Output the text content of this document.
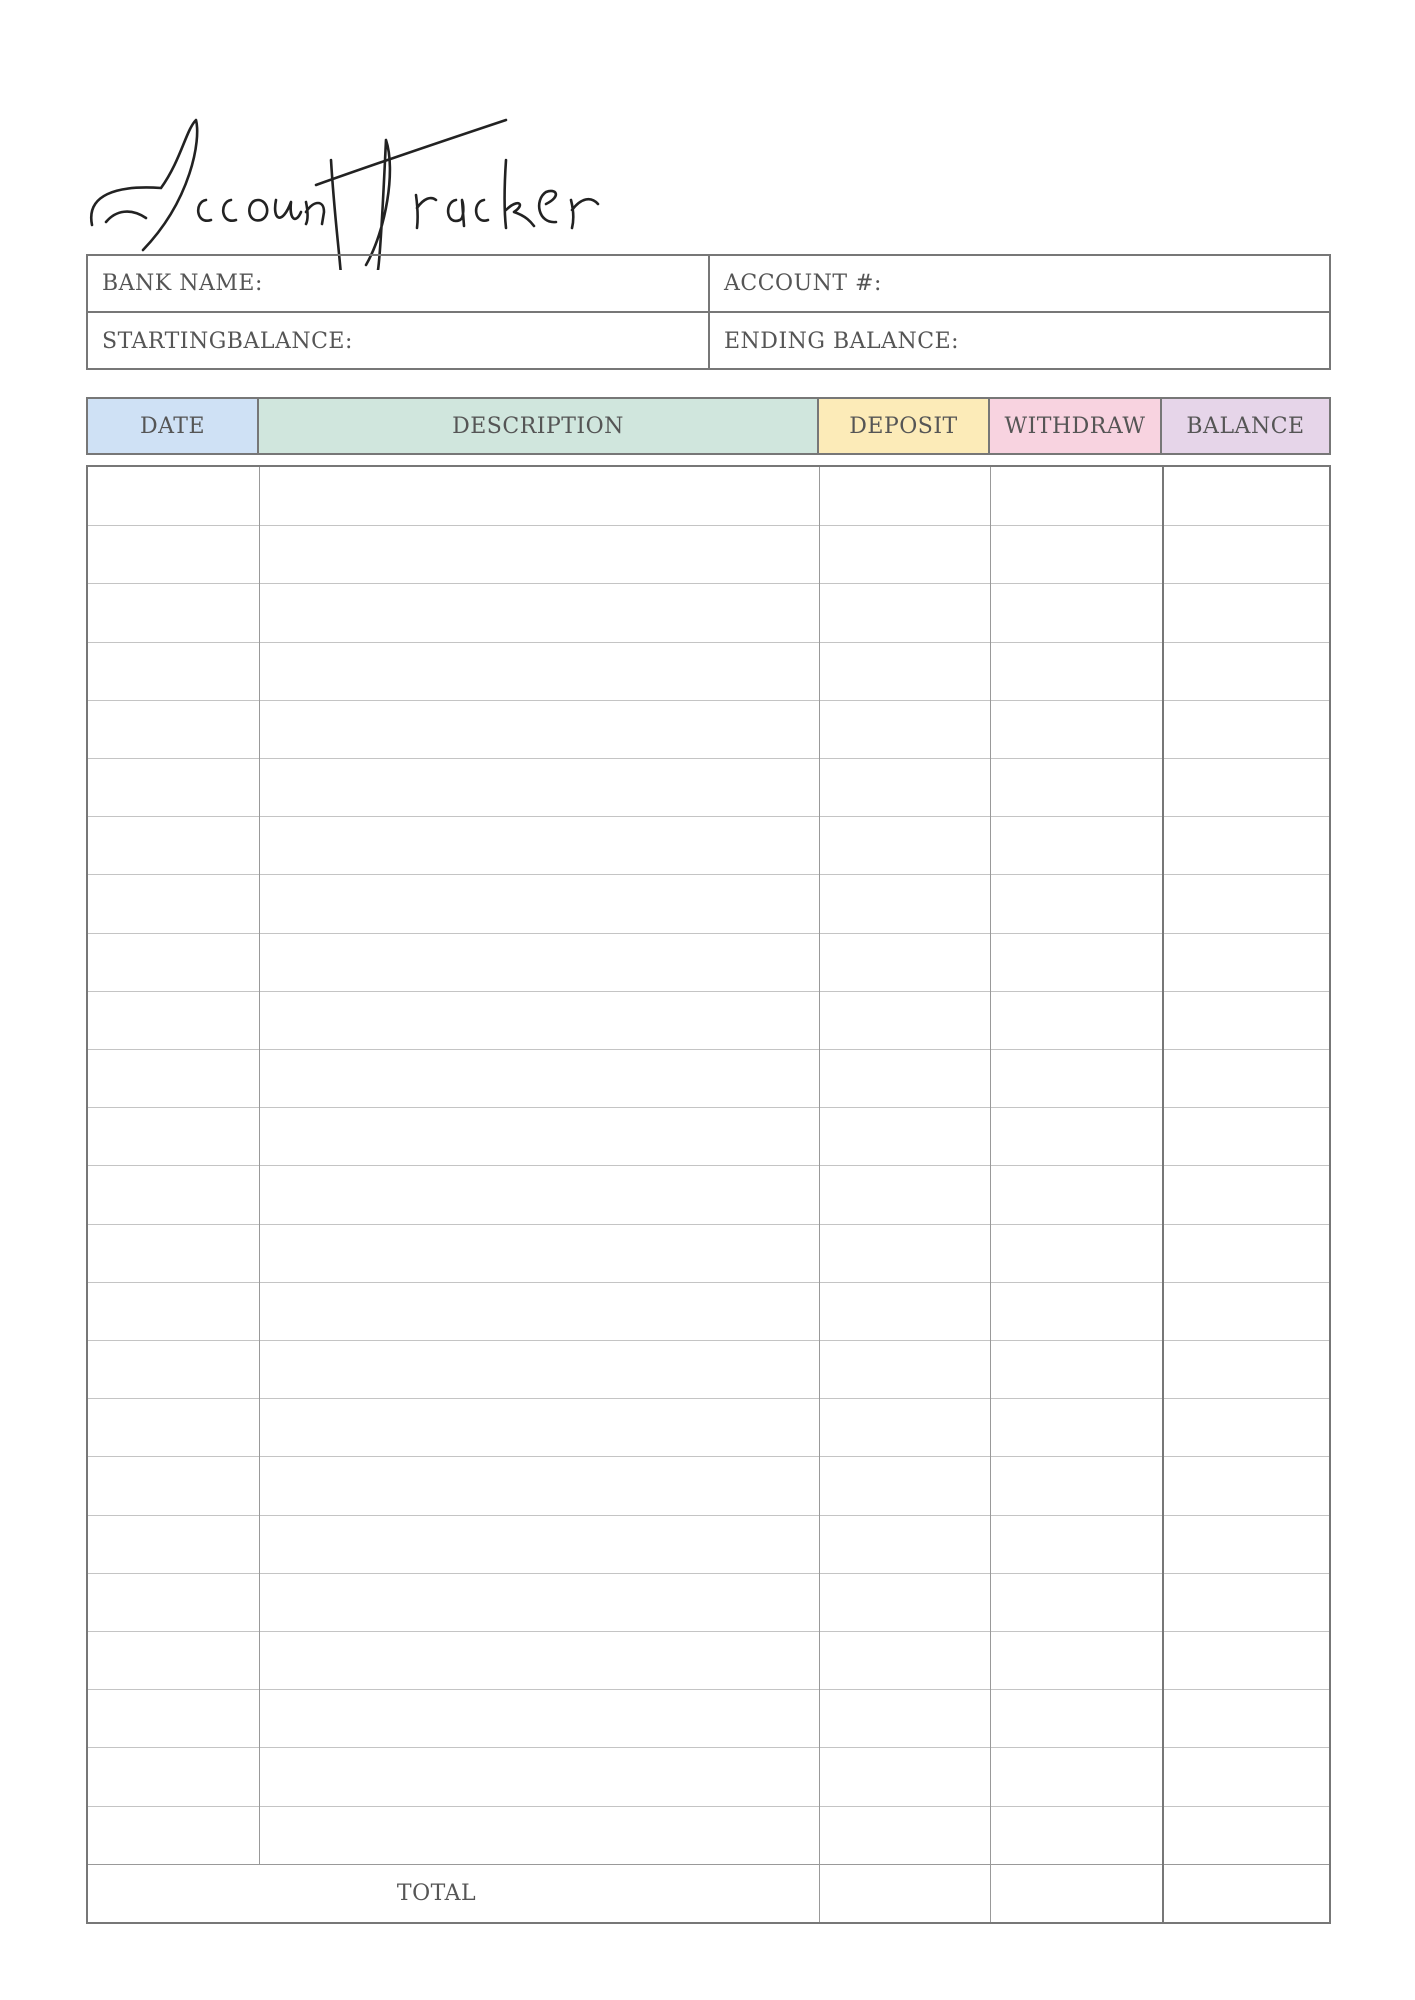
BANK NAME:	ACCOUNT #:
STARTINGBALANCE:	ENDING BALANCE:
DATE	DESCRIPTION	DEPOSIT	WITHDRAW	BALANCE
TOTAL
